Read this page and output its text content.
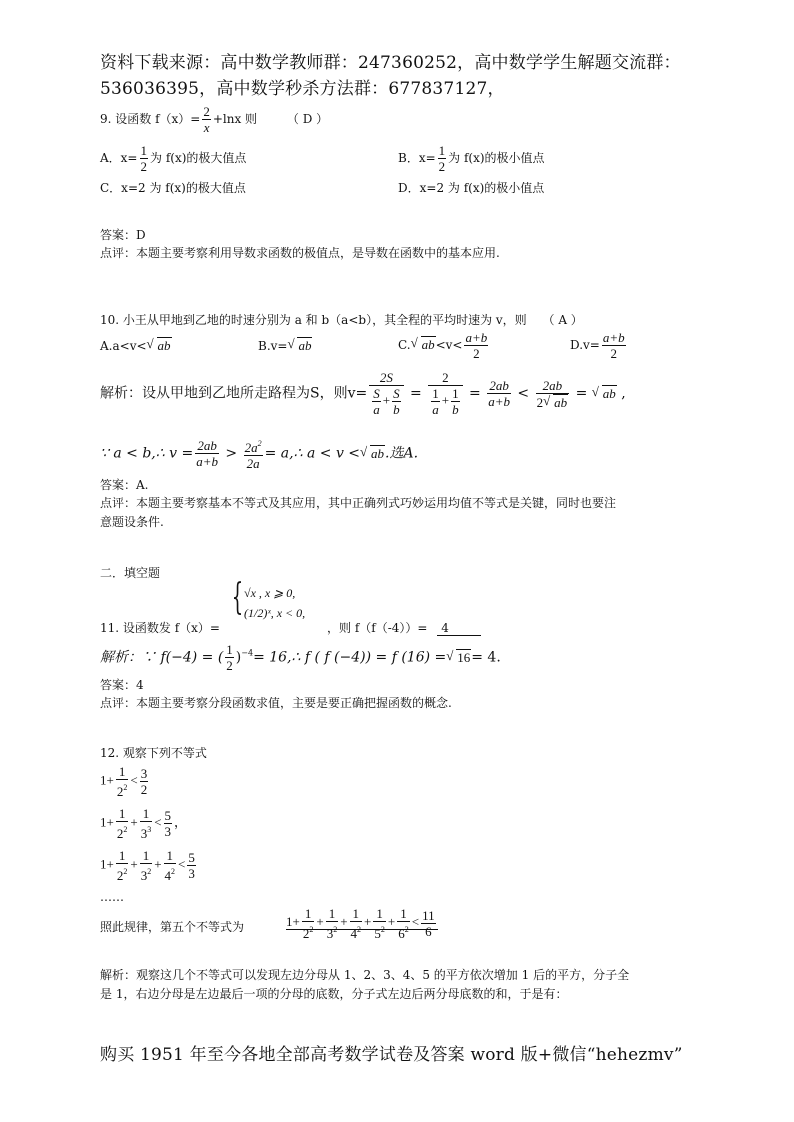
资料下载来源：高中数学教师群：247360252，高中数学学生解题交流群：
536036395，高中数学秒杀方法群：677837127，
9. 设函数 $f(x)= \frac{2}{x} +\ln x$ 则 （ D ）
A．$x= \frac{1}{2}$ 为 f(x)的极大值点	B．$x= \frac{1}{2}$ 为 f(x)的极小值点
C．x=2 为 f(x)的极大值点	D．x=2 为 f(x)的极小值点
答案：D
点评：本题主要考察利用导数求函数的极值点，是导数在函数中的基本应用.
10. 小王从甲地到乙地的时速分别为 a 和 b（a<b），其全程的平均时速为 v，则 （ A ）
A.a<v< √ ab	B.v= √ ab	C. √ $ab<v< \frac{a+b}{2}$	$D.v= \frac{a+b}{2}$
解析：设从甲地到乙地所走路程为S，则$v= \frac{2S}{\frac{S}{a} + \frac{S}{b}} = \frac{2}{\frac{1}{a} + \frac{1}{b}} = \frac{2ab}{a+b} < \frac{2ab}{2 √ ab}$ = √ ab ,
∵ a < b,∴ $v = \frac{2ab}{a+b} > \frac{2a^2}{2a}$ = a,∴ a < v < √ ab.选A.
答案：A.
点评：本题主要考察基本不等式及其应用，其中正确列式巧妙运用均值不等式是关键，同时也要注
意题设条件.
二．填空题
11. 设函数发 f（x）=
{ √x , x ⩾ 0,
(1/2)ˣ, x < 0,
，则 f（f（-4））= 4
解析：∵ f(−4) = ( $\frac{1}{2} )^{-4}=$ 16,∴ f ( f (−4)) = f (16) = √ 16= 4.
答案：4
点评：本题主要考察分段函数求值，主要是要正确把握函数的概念.
12. 观察下列不等式
$1+ \frac{1}{2^2} < \frac{3}{2}$
$1+ \frac{1}{2^2} + \frac{1}{3^3} < \frac{5}{3}$ ，
$1+ \frac{1}{2^2} + \frac{1}{3^2} + \frac{1}{4^2} < \frac{5}{3}$
……
照此规律，第五个不等式为	$1+ \frac{1}{2^2} + \frac{1}{3^2} + \frac{1}{4^2} + \frac{1}{5^2} + \frac{1}{6^2} < \frac{11}{6}$
解析：观察这几个不等式可以发现左边分母从 1、2、3、4、5 的平方依次增加 1 后的平方，分子全
是 1，右边分母是左边最后一项的分母的底数，分子式左边后两分母底数的和，于是有：
购买 1951 年至今各地全部高考数学试卷及答案 word 版+微信“hehezmv”
